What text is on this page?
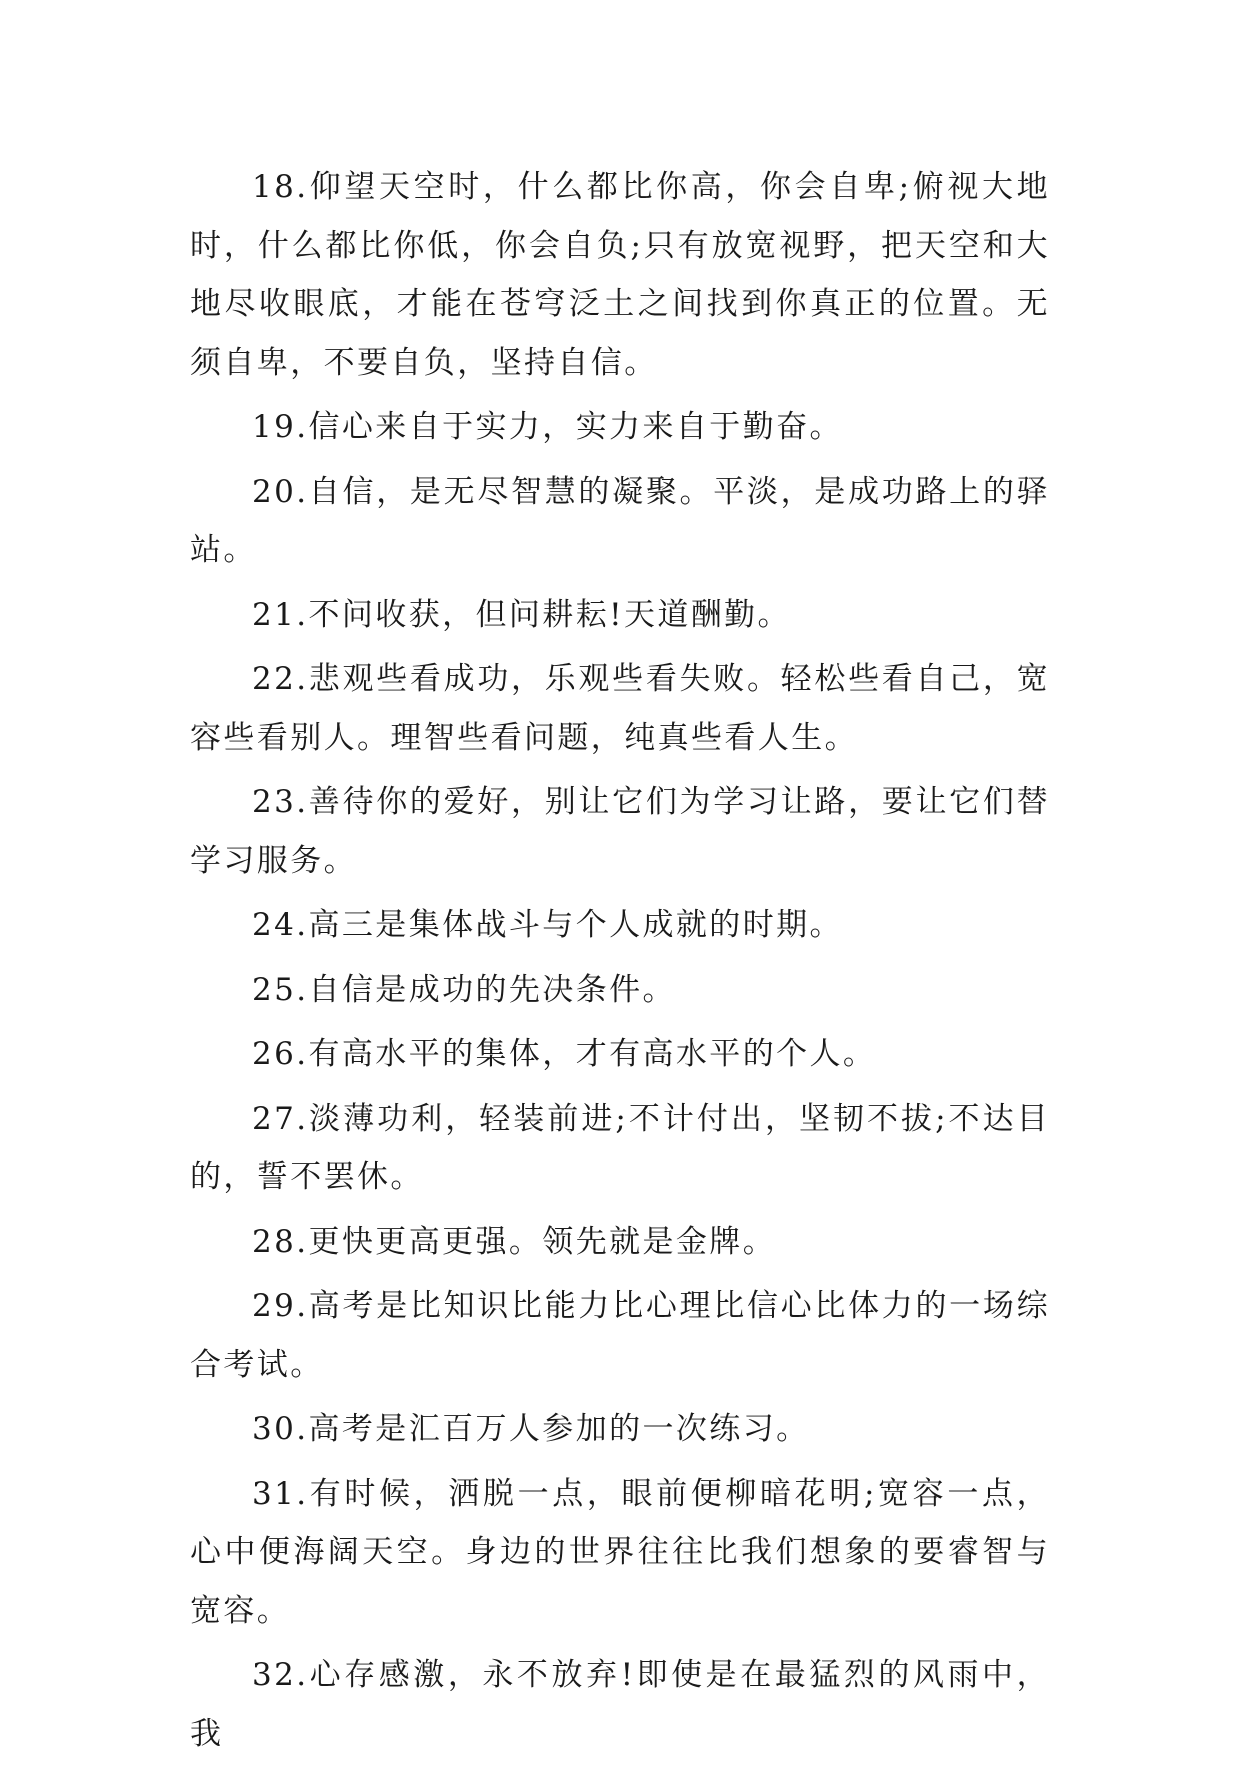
18.仰望天空时，什么都比你高，你会自卑;俯视大地时，什么都比你低，你会自负;只有放宽视野，把天空和大地尽收眼底，才能在苍穹泛土之间找到你真正的位置。无须自卑，不要自负，坚持自信。

19.信心来自于实力，实力来自于勤奋。

20.自信，是无尽智慧的凝聚。平淡，是成功路上的驿站。

21.不问收获，但问耕耘!天道酬勤。

22.悲观些看成功，乐观些看失败。轻松些看自己，宽容些看别人。理智些看问题，纯真些看人生。

23.善待你的爱好，别让它们为学习让路，要让它们替学习服务。

24.高三是集体战斗与个人成就的时期。

25.自信是成功的先决条件。

26.有高水平的集体，才有高水平的个人。

27.淡薄功利，轻装前进;不计付出，坚韧不拔;不达目的，誓不罢休。

28.更快更高更强。领先就是金牌。

29.高考是比知识比能力比心理比信心比体力的一场综合考试。

30.高考是汇百万人参加的一次练习。

31.有时候，洒脱一点，眼前便柳暗花明;宽容一点，心中便海阔天空。身边的世界往往比我们想象的要睿智与宽容。

32.心存感激，永不放弃!即使是在最猛烈的风雨中，我
